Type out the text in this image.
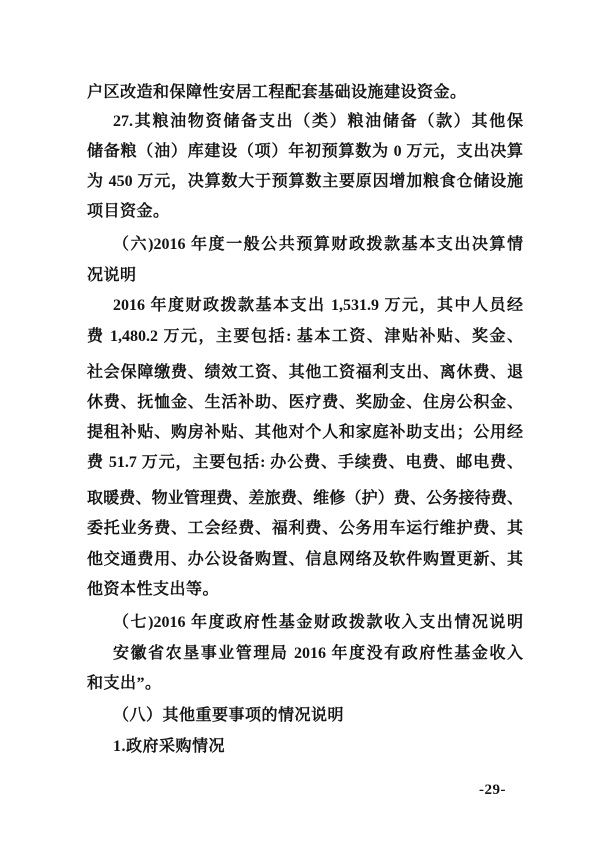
户区改造和保障性安居工程配套基础设施建设资金。
27.其粮油物资储备支出（类）粮油储备（款）其他保
储备粮（油）库建设（项）年初预算数为 0 万元，支出决算
为 450 万元，决算数大于预算数主要原因增加粮食仓储设施
项目资金。
（六)2016 年度一般公共预算财政拨款基本支出决算情
况说明
2016 年度财政拨款基本支出 1,531.9 万元，其中人员经
费 1,480.2 万元，主要包括: 基本工资、津贴补贴、奖金、
社会保障缴费、绩效工资、其他工资福利支出、离休费、退
休费、抚恤金、生活补助、医疗费、奖励金、住房公积金、
提租补贴、购房补贴、其他对个人和家庭补助支出；公用经
费 51.7 万元，主要包括: 办公费、手续费、电费、邮电费、
取暖费、物业管理费、差旅费、维修（护）费、公务接待费、
委托业务费、工会经费、福利费、公务用车运行维护费、其
他交通费用、办公设备购置、信息网络及软件购置更新、其
他资本性支出等。
（七)2016 年度政府性基金财政拨款收入支出情况说明
安徽省农垦事业管理局 2016 年度没有政府性基金收入
和支出”。
（八）其他重要事项的情况说明
1.政府采购情况
-29-
